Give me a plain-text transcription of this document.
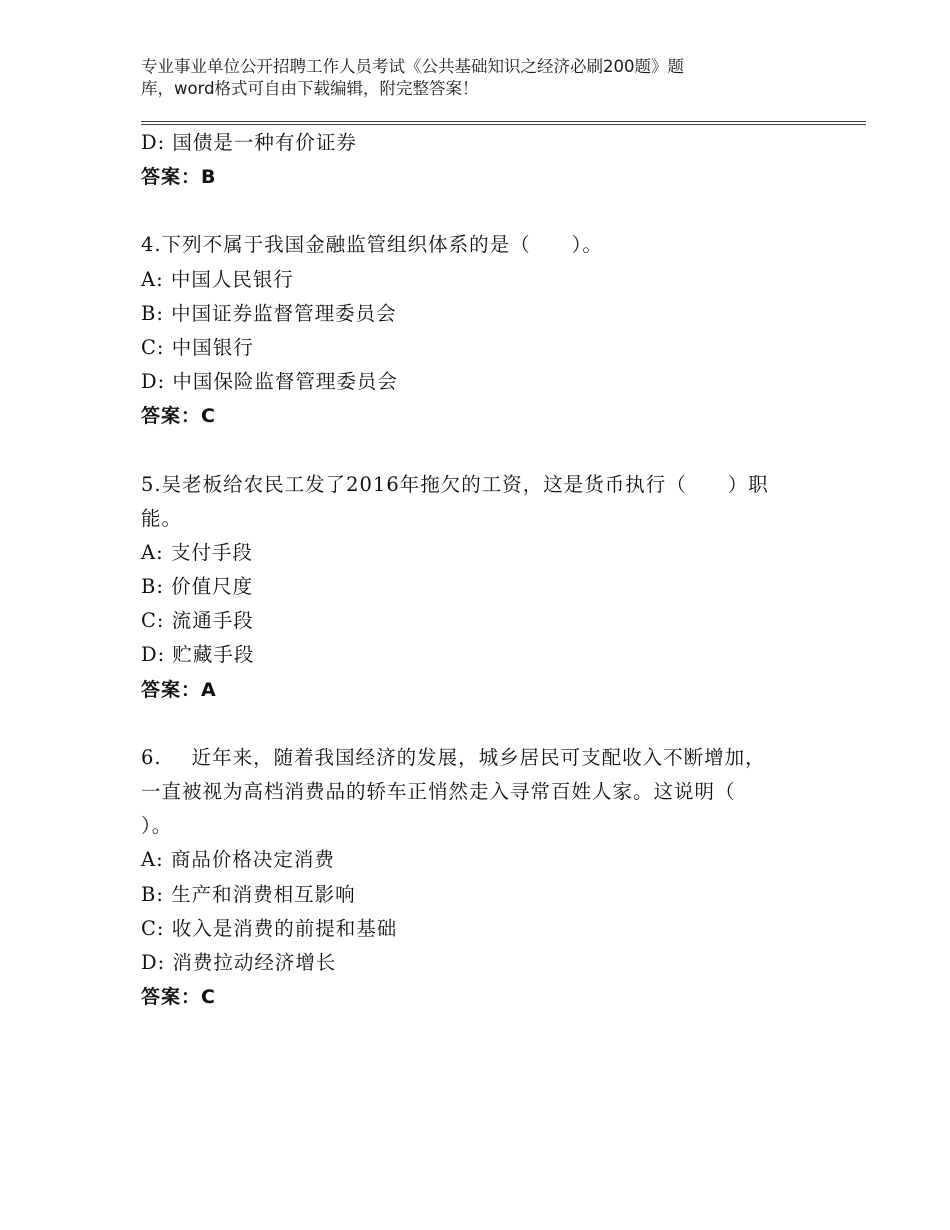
专业事业单位公开招聘工作人员考试《公共基础知识之经济必刷200题》题
库，word格式可自由下载编辑，附完整答案！
D: 国债是一种有价证券
答案：B
4.下列不属于我国金融监管组织体系的是（　　）。
A: 中国人民银行
B: 中国证券监督管理委员会
C: 中国银行
D: 中国保险监督管理委员会
答案：C
5.吴老板给农民工发了2016年拖欠的工资，这是货币执行（　　）职
能。
A: 支付手段
B: 价值尺度
C: 流通手段
D: 贮藏手段
答案：A
6. 近年来，随着我国经济的发展，城乡居民可支配收入不断增加，
一直被视为高档消费品的轿车正悄然走入寻常百姓人家。这说明（
）。
A: 商品价格决定消费
B: 生产和消费相互影响
C: 收入是消费的前提和基础
D: 消费拉动经济增长
答案：C
